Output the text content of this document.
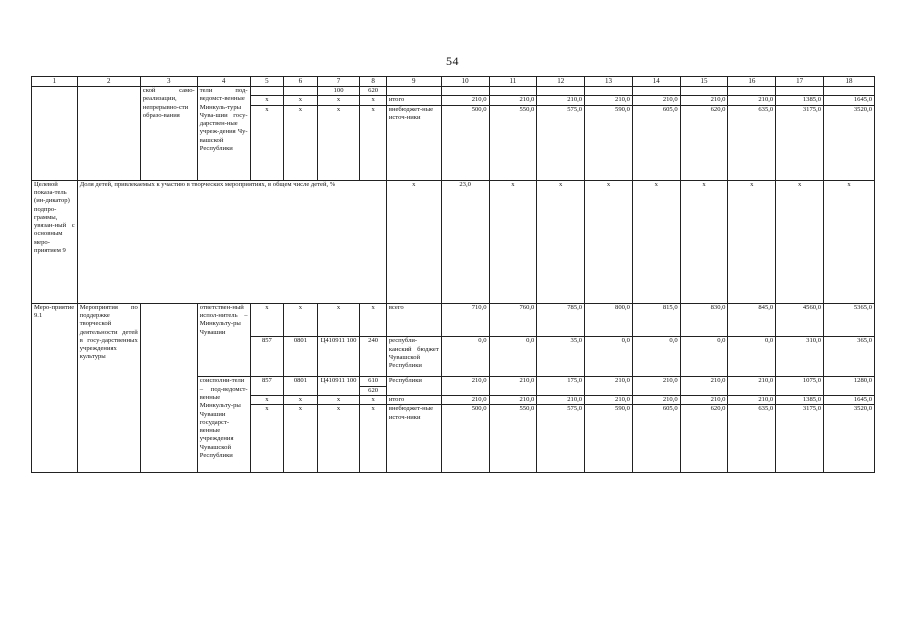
54
1	2	3	4	5	6	7	8	9	10	11	12	13	14	15	16	17	18
		ской само-реализации, непрерывно-сти образо-вания	тели под-ведомст-венные Минкуль-туры Чува-шии госу-дарствен-ные учреж-дения Чу-вашской Республики			100	620										
				x	x	x	x	итого	210,0	210,0	210,0	210,0	210,0	210,0	210,0	1385,0	1645,0
				x	x	x	x	внебюджет-ные источ-ники	500,0	550,0	575,0	590,0	605,0	620,0	635,0	3175,0	3520,0

Целевой показа-тель (ин-дикатор) подпро-граммы, увязан-ный с основным меро-приятием 9	Доля детей, привлекаемых к участию в творческих мероприятиях, в общем числе детей, %							x	23,0	x	x	x	x	x	x	x	x
Меро-приятие 9.1	Мероприятия по поддержке творческой деятельности детей в госу-дарственных учреждениях культуры		ответствен-ный испол-нитель – Минкульту-ры Чувашии	x	x	x	x	всего	710,0	760,0	785,0	800,0	815,0	830,0	845,0	4560,0	5365,0
				857	0801	Ц410911 100	240	республи-канский бюджет Чувашской Республики	0,0	0,0	35,0	0,0	0,0	0,0	0,0	310,0	365,0
			соисполни-тели – под-ведомст-венные Минкульту-ры Чувашии государст-венные учреждения Чувашской Республики	857	0801	Ц410911 100	610	Республики	210,0	210,0	175,0	210,0	210,0	210,0	210,0	1075,0	1280,0
							620										
				x	x	x	x	итого	210,0	210,0	210,0	210,0	210,0	210,0	210,0	1385,0	1645,0
				x	x	x	x	внебюджет-ные источ-ники	500,0	550,0	575,0	590,0	605,0	620,0	635,0	3175,0	3520,0
